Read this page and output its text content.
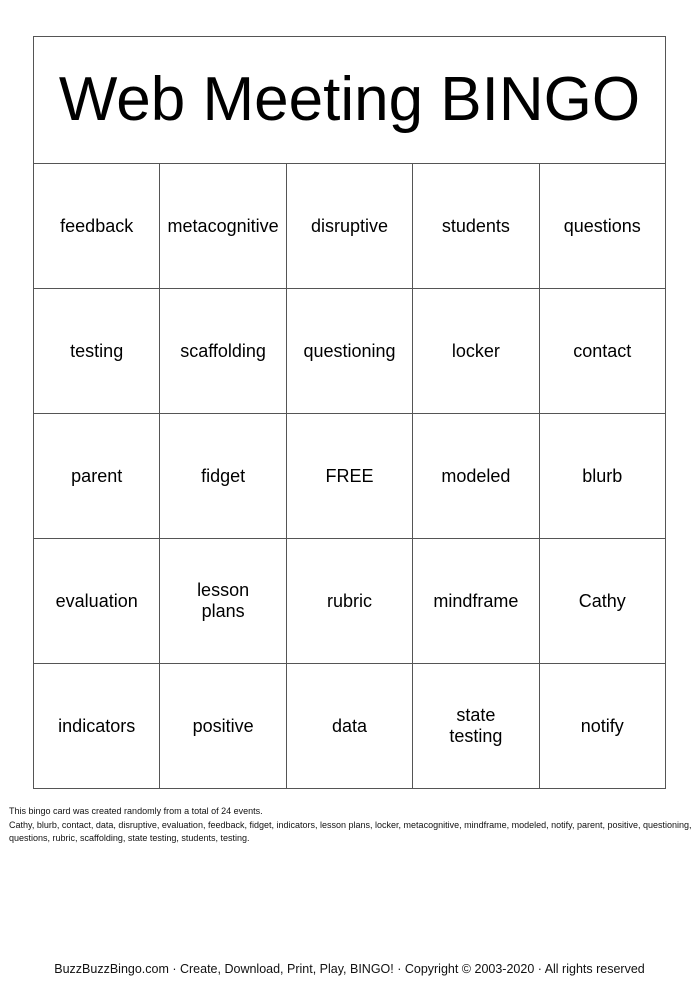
Web Meeting BINGO				
feedback	metacognitive	disruptive	students	questions
testing	scaffolding	questioning	locker	contact
parent	fidget	FREE	modeled	blurb
evaluation	lesson plans	rubric	mindframe	Cathy
indicators	positive	data	state testing	notify
This bingo card was created randomly from a total of 24 events.
Cathy, blurb, contact, data, disruptive, evaluation, feedback, fidget, indicators, lesson plans, locker, metacognitive, mindframe, modeled, notify, parent, positive, questioning, questions, rubric, scaffolding, state testing, students, testing.
BuzzBuzzBingo.com · Create, Download, Print, Play, BINGO! · Copyright © 2003-2020 · All rights reserved
